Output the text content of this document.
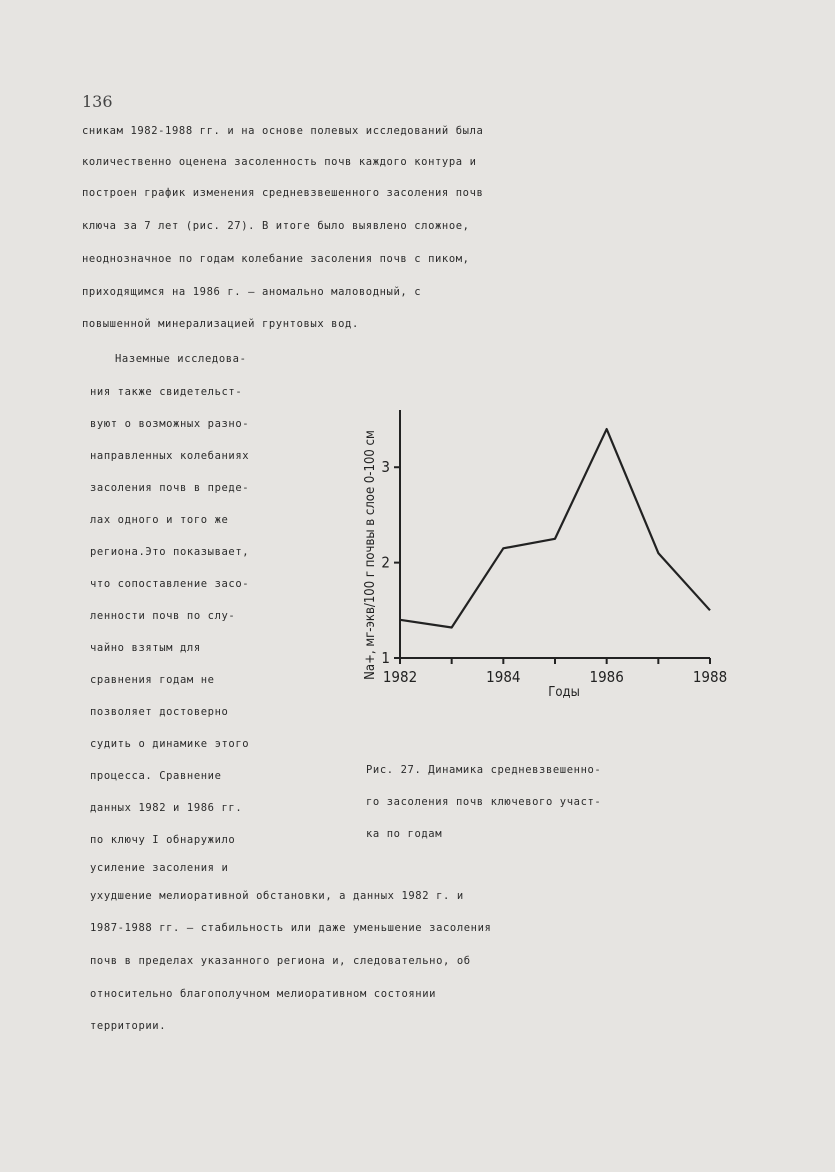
136
сникам 1982-1988 гг. и на основе полевых исследований была
количественно оценена засоленность почв каждого контура и
построен график изменения средневзвешенного засоления почв
ключа за 7 лет (рис. 27). В итоге было выявлено сложное,
неоднозначное по годам колебание засоления почв с пиком,
приходящимся на 1986 г. – аномально маловодный, с
повышенной минерализацией грунтовых вод.
Наземные исследова-
ния также свидетельст-
вуют о возможных разно-
направленных колебаниях
засоления почв в преде-
лах одного и того же
региона.Это показывает,
что сопоставление засо-
ленности почв по слу-
чайно взятым для
сравнения годам не
позволяет достоверно
судить о динамике этого
1
2
3
1982	1984	1986	1988
Na+, мг-экв/100 г почвы в слое 0-100 см
Годы
процесса. Сравнение	Рис. 27. Динамика средневзвешенно-
данных 1982 и 1986 гг.	го засоления почв ключевого участ-
по ключу I обнаружило	ка по годам
усиление засоления и
ухудшение мелиоративной обстановки, а данных 1982 г. и
1987-1988 гг. – стабильность или даже уменьшение засоления
почв в пределах указанного региона и, следовательно, об
относительно благополучном мелиоративном состоянии
территории.
